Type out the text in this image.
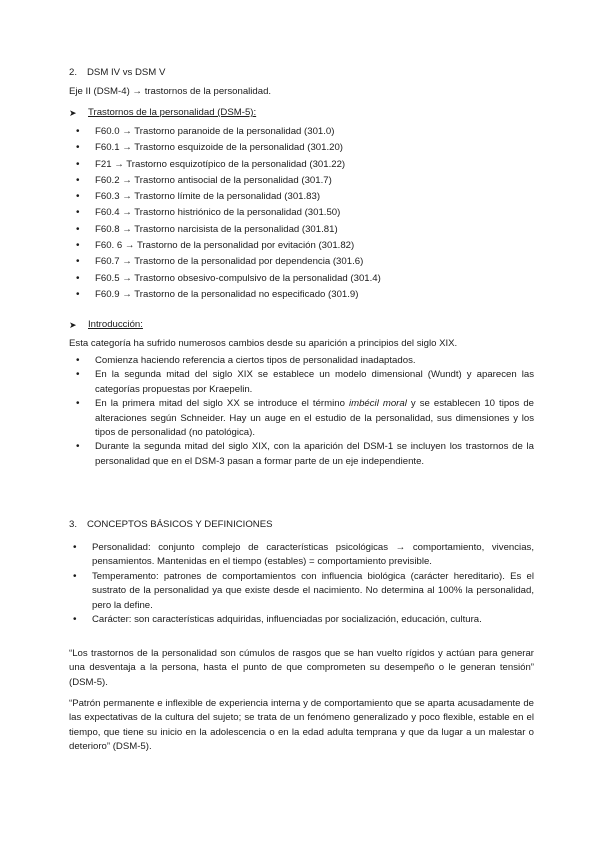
2. DSM IV vs DSM V
Eje II (DSM-4) → trastornos de la personalidad.
➤	Trastornos de la personalidad (DSM-5):
•	F60.0 → Trastorno paranoide de la personalidad (301.0)
•	F60.1 → Trastorno esquizoide de la personalidad (301.20)
•	F21 → Trastorno esquizotípico de la personalidad (301.22)
•	F60.2 → Trastorno antisocial de la personalidad (301.7)
•	F60.3 → Trastorno límite de la personalidad (301.83)
•	F60.4 → Trastorno histriónico de la personalidad (301.50)
•	F60.8 → Trastorno narcisista de la personalidad (301.81)
•	F60. 6 → Trastorno de la personalidad por evitación (301.82)
•	F60.7 → Trastorno de la personalidad por dependencia (301.6)
•	F60.5 → Trastorno obsesivo-compulsivo de la personalidad (301.4)
•	F60.9 → Trastorno de la personalidad no especificado (301.9)
➤	Introducción:
Esta categoría ha sufrido numerosos cambios desde su aparición a principios del siglo XIX.
•	Comienza haciendo referencia a ciertos tipos de personalidad inadaptados.
•	En la segunda mitad del siglo XIX se establece un modelo dimensional (Wundt) y aparecen las categorías propuestas por Kraepelin.
•	En la primera mitad del siglo XX se introduce el término imbécil moral y se establecen 10 tipos de alteraciones según Schneider. Hay un auge en el estudio de la personalidad, sus dimensiones y los tipos de personalidad (no patológica).
•	Durante la segunda mitad del siglo XIX, con la aparición del DSM-1 se incluyen los trastornos de la personalidad que en el DSM-3 pasan a formar parte de un eje independiente.
3. CONCEPTOS BÁSICOS Y DEFINICIONES
•	Personalidad: conjunto complejo de características psicológicas → comportamiento, vivencias, pensamientos. Mantenidas en el tiempo (estables) = comportamiento previsible.
•	Temperamento: patrones de comportamientos con influencia biológica (carácter hereditario). Es el sustrato de la personalidad ya que existe desde el nacimiento. No determina al 100% la personalidad, pero la define.
•	Carácter: son características adquiridas, influenciadas por socialización, educación, cultura.
“Los trastornos de la personalidad son cúmulos de rasgos que se han vuelto rígidos y actúan para generar una desventaja a la persona, hasta el punto de que comprometen su desempeño o le generan tensión” (DSM-5).
“Patrón permanente e inflexible de experiencia interna y de comportamiento que se aparta acusadamente de las expectativas de la cultura del sujeto; se trata de un fenómeno generalizado y poco flexible, estable en el tiempo, que tiene su inicio en la adolescencia o en la edad adulta temprana y que da lugar a un malestar o deterioro” (DSM-5).
